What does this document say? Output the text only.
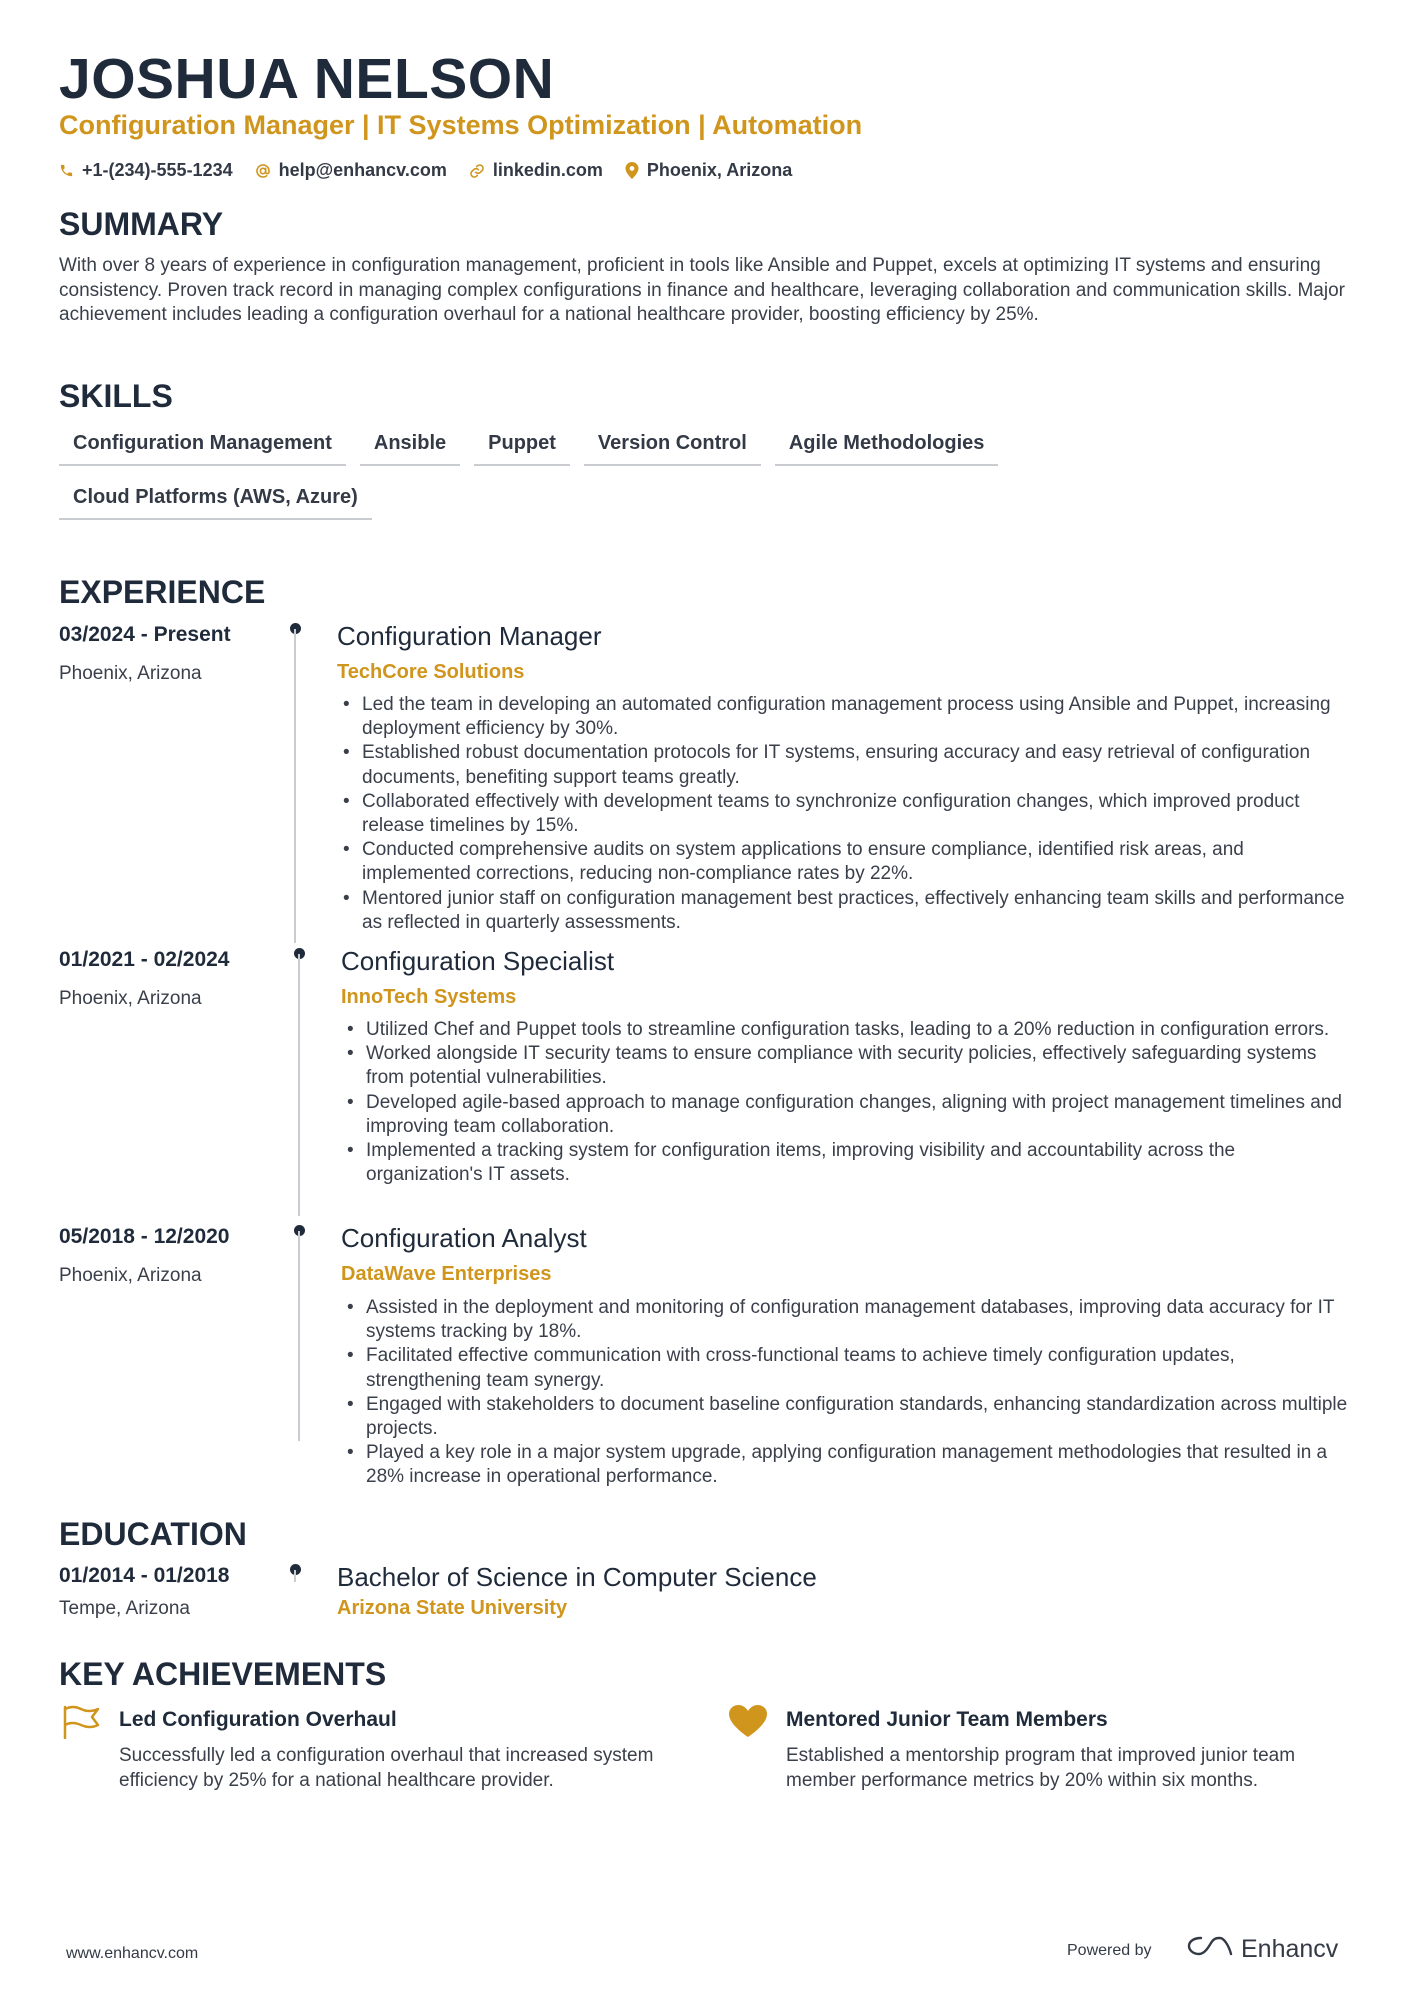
JOSHUA NELSON
Configuration Manager | IT Systems Optimization | Automation
+1-(234)-555-1234	help@enhancv.com	linkedin.com Phoenix, Arizona
SUMMARY
With over 8 years of experience in configuration management, proficient in tools like Ansible and Puppet, excels at optimizing IT systems and ensuring consistency. Proven track record in managing complex configurations in finance and healthcare, leveraging collaboration and communication skills. Major achievement includes leading a configuration overhaul for a national healthcare provider, boosting efficiency by 25%.
SKILLS
Configuration Management	Ansible	Puppet	Version Control	Agile Methodologies
Cloud Platforms (AWS, Azure)
EXPERIENCE
03/2024 - Present
Phoenix, Arizona
Configuration Manager
TechCore Solutions
• Led the team in developing an automated configuration management process using Ansible and Puppet, increasing deployment efficiency by 30%.
• Established robust documentation protocols for IT systems, ensuring accuracy and easy retrieval of configuration documents, benefiting support teams greatly.
• Collaborated effectively with development teams to synchronize configuration changes, which improved product release timelines by 15%.
• Conducted comprehensive audits on system applications to ensure compliance, identified risk areas, and implemented corrections, reducing non-compliance rates by 22%.
• Mentored junior staff on configuration management best practices, effectively enhancing team skills and performance as reflected in quarterly assessments.
01/2021 - 02/2024
Phoenix, Arizona
Configuration Specialist
InnoTech Systems
• Utilized Chef and Puppet tools to streamline configuration tasks, leading to a 20% reduction in configuration errors.
• Worked alongside IT security teams to ensure compliance with security policies, effectively safeguarding systems from potential vulnerabilities.
• Developed agile-based approach to manage configuration changes, aligning with project management timelines and improving team collaboration.
• Implemented a tracking system for configuration items, improving visibility and accountability across the organization's IT assets.
05/2018 - 12/2020
Phoenix, Arizona
Configuration Analyst
DataWave Enterprises
• Assisted in the deployment and monitoring of configuration management databases, improving data accuracy for IT systems tracking by 18%.
• Facilitated effective communication with cross-functional teams to achieve timely configuration updates, strengthening team synergy.
• Engaged with stakeholders to document baseline configuration standards, enhancing standardization across multiple projects.
• Played a key role in a major system upgrade, applying configuration management methodologies that resulted in a 28% increase in operational performance.
EDUCATION
01/2014 - 01/2018
Tempe, Arizona
Bachelor of Science in Computer Science
Arizona State University
KEY ACHIEVEMENTS
Led Configuration Overhaul
Successfully led a configuration overhaul that increased system efficiency by 25% for a national healthcare provider.
Mentored Junior Team Members
Established a mentorship program that improved junior team member performance metrics by 20% within six months.
www.enhancv.com	Powered by	Enhancv
